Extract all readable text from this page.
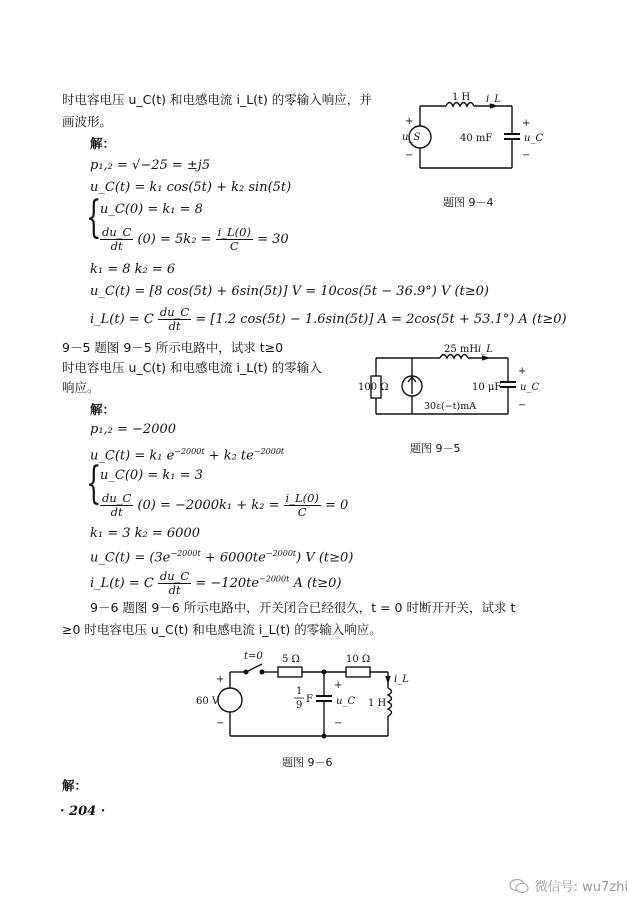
时电容电压 u_C(t) 和电感电流 i_L(t) 的零输入响应，并
画波形。
解：
p₁,₂ = √−25 = ±j5
u_C(t) = k₁ cos(5t) + k₂ sin(5t)
{
u_C(0) = k₁ = 8
$\frac{du\_C}{dt} (0) = 5k_2 = \frac{i\_L(0)}{C} = 30$
k₁ = 8 k₂ = 6
u_C(t) = [8 cos(5t) + 6sin(5t)] V = 10cos(5t − 36.9°) V (t≥0)
i_L(t) = C $\frac{du\_C}{dt} = [1.2$ cos(5t) − 1.6sin(5t)] A = 2cos(5t + 53.1°) A (t≥0)
1 H i_L
u_S	40 mF	u_C
+
−
+
−
题图 9－4
9－5 题图 9－5 所示电路中，试求 t≥0
时电容电压 u_C(t) 和电感电流 i_L(t) 的零输入
响应。
解：
p₁,₂ = −2000
u_C(t) = k₁ $e^{-2000t} + k_2$ $te^{-2000t}$
{
u_C(0) = k₁ = 3
$\frac{du\_C}{dt} (0) = -2000k_1 + k_2 = \frac{i\_L(0)}{C} = 0$
k₁ = 3 k₂ = 6000
u_C(t) = $(3e^{-2000t} + 6000te^{-2000t})$ V (t≥0)
i_L(t) = C $\frac{du\_C}{dt} = -120te^{-2000t}$ A (t≥0)
25 mH i_L
100 Ω	10 μF u_C
30ε(−t)mA
+
−
题图 9－5
9－6 题图 9－6 所示电路中，开关闭合已经很久，t = 0 时断开开关，试求 t
≥0 时电容电压 u_C(t) 和电感电流 i_L(t) 的零输入响应。
t=0 5 Ω	10 Ω
60 V
1
9
F u_C 1 H
i_L
+
−
+
−
题图 9－6
解：
· 204 ·
微信号: wu7zhi
